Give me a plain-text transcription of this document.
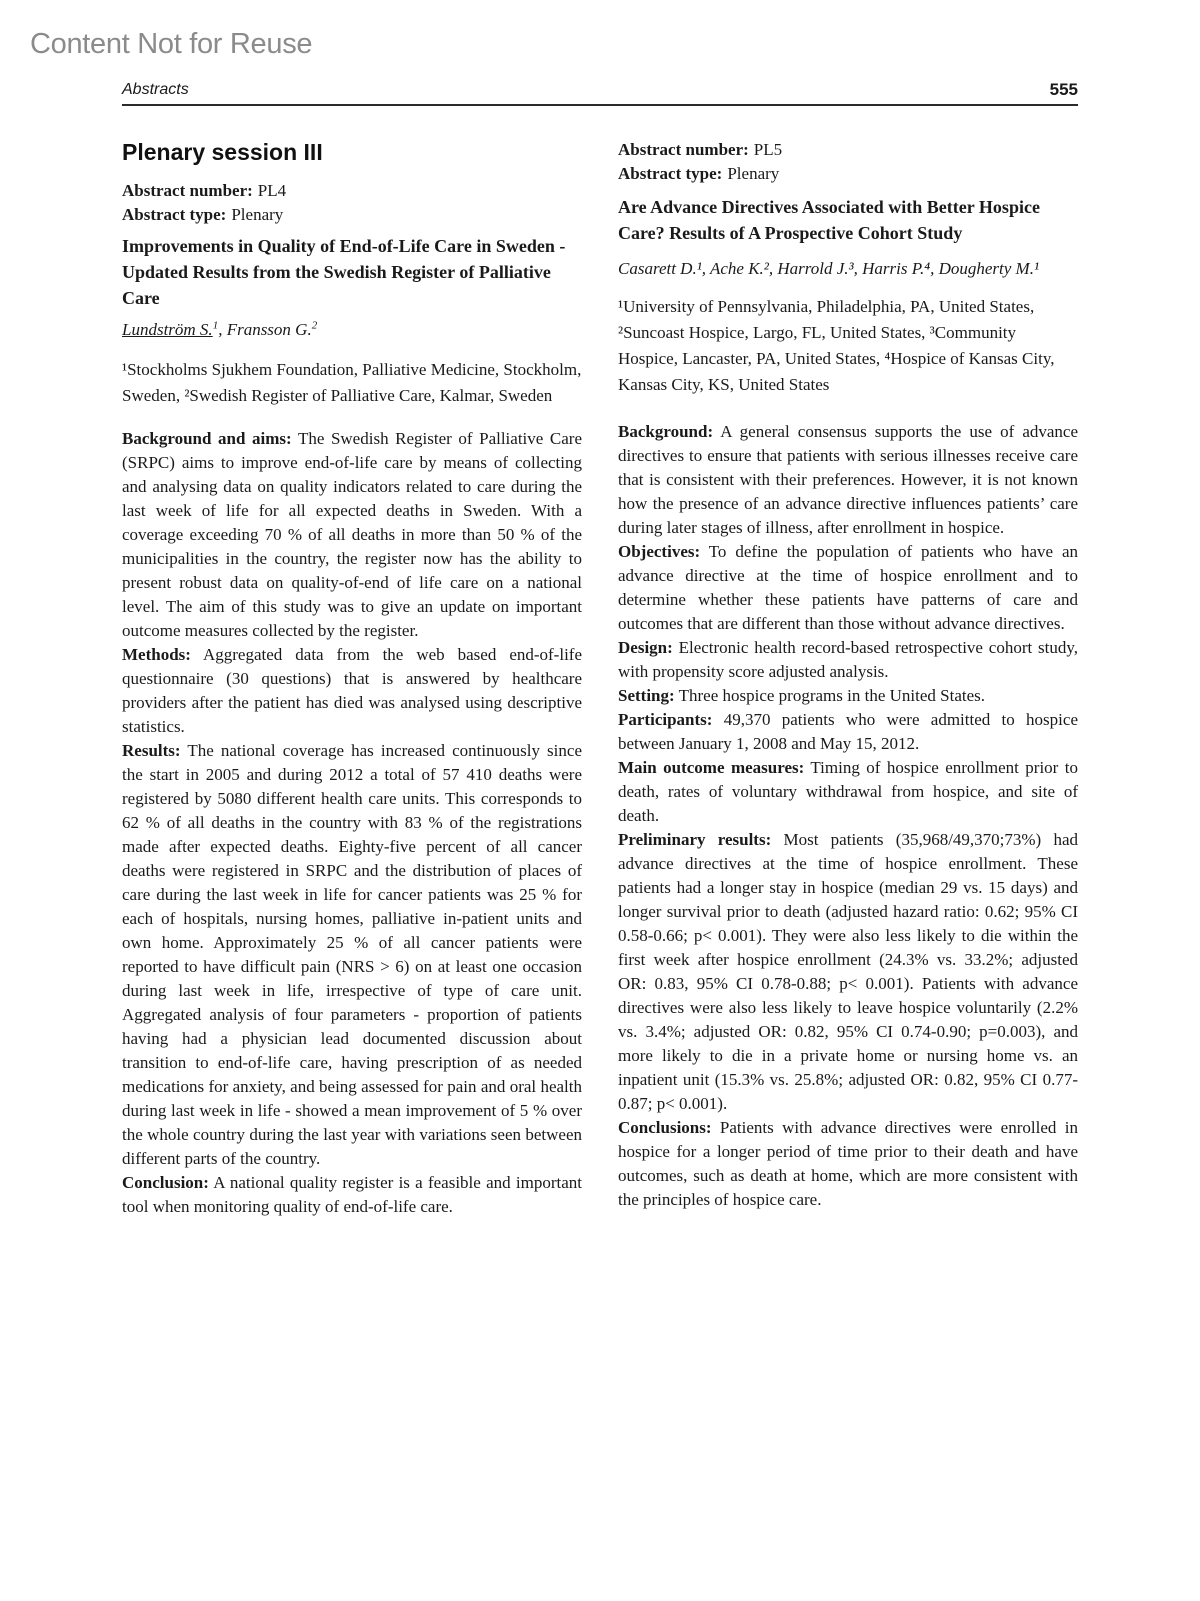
Content Not for Reuse
Abstracts	555
Plenary session III
Abstract number: PL4
Abstract type: Plenary

Improvements in Quality of End-of-Life Care in Sweden - Updated Results from the Swedish Register of Palliative Care

Lundström S.$^1$, Fransson G.$^2$

¹Stockholms Sjukhem Foundation, Palliative Medicine, Stockholm, Sweden, ²Swedish Register of Palliative Care, Kalmar, Sweden

Background and aims: The Swedish Register of Palliative Care (SRPC) aims to improve end-of-life care by means of collecting and analysing data on quality indicators related to care during the last week of life for all expected deaths in Sweden. With a coverage exceeding 70 % of all deaths in more than 50 % of the municipalities in the country, the register now has the ability to present robust data on quality-of-end of life care on a national level. The aim of this study was to give an update on important outcome measures collected by the register.

Methods: Aggregated data from the web based end-of-life questionnaire (30 questions) that is answered by healthcare providers after the patient has died was analysed using descriptive statistics.

Results: The national coverage has increased continuously since the start in 2005 and during 2012 a total of 57 410 deaths were registered by 5080 different health care units. This corresponds to 62 % of all deaths in the country with 83 % of the registrations made after expected deaths. Eighty-five percent of all cancer deaths were registered in SRPC and the distribution of places of care during the last week in life for cancer patients was 25 % for each of hospitals, nursing homes, palliative in-patient units and own home. Approximately 25 % of all cancer patients were reported to have difficult pain (NRS > 6) on at least one occasion during last week in life, irrespective of type of care unit. Aggregated analysis of four parameters - proportion of patients having had a physician lead documented discussion about transition to end-of-life care, having prescription of as needed medications for anxiety, and being assessed for pain and oral health during last week in life - showed a mean improvement of 5 % over the whole country during the last year with variations seen between different parts of the country.

Conclusion: A national quality register is a feasible and important tool when monitoring quality of end-of-life care.

Abstract number: PL5
Abstract type: Plenary

Are Advance Directives Associated with Better Hospice Care? Results of A Prospective Cohort Study

Casarett D.¹, Ache K.², Harrold J.³, Harris P.⁴, Dougherty M.¹

¹University of Pennsylvania, Philadelphia, PA, United States, ²Suncoast Hospice, Largo, FL, United States, ³Community Hospice, Lancaster, PA, United States, ⁴Hospice of Kansas City, Kansas City, KS, United States

Background: A general consensus supports the use of advance directives to ensure that patients with serious illnesses receive care that is consistent with their preferences. However, it is not known how the presence of an advance directive influences patients’ care during later stages of illness, after enrollment in hospice.

Objectives: To define the population of patients who have an advance directive at the time of hospice enrollment and to determine whether these patients have patterns of care and outcomes that are different than those without advance directives.

Design: Electronic health record-based retrospective cohort study, with propensity score adjusted analysis.

Setting: Three hospice programs in the United States.

Participants: 49,370 patients who were admitted to hospice between January 1, 2008 and May 15, 2012.

Main outcome measures: Timing of hospice enrollment prior to death, rates of voluntary withdrawal from hospice, and site of death.

Preliminary results: Most patients (35,968/49,370;73%) had advance directives at the time of hospice enrollment. These patients had a longer stay in hospice (median 29 vs. 15 days) and longer survival prior to death (adjusted hazard ratio: 0.62; 95% CI 0.58-0.66; p< 0.001). They were also less likely to die within the first week after hospice enrollment (24.3% vs. 33.2%; adjusted OR: 0.83, 95% CI 0.78-0.88; p< 0.001). Patients with advance directives were also less likely to leave hospice voluntarily (2.2% vs. 3.4%; adjusted OR: 0.82, 95% CI 0.74-0.90; p=0.003), and more likely to die in a private home or nursing home vs. an inpatient unit (15.3% vs. 25.8%; adjusted OR: 0.82, 95% CI 0.77-0.87; p< 0.001).

Conclusions: Patients with advance directives were enrolled in hospice for a longer period of time prior to their death and have outcomes, such as death at home, which are more consistent with the principles of hospice care.
